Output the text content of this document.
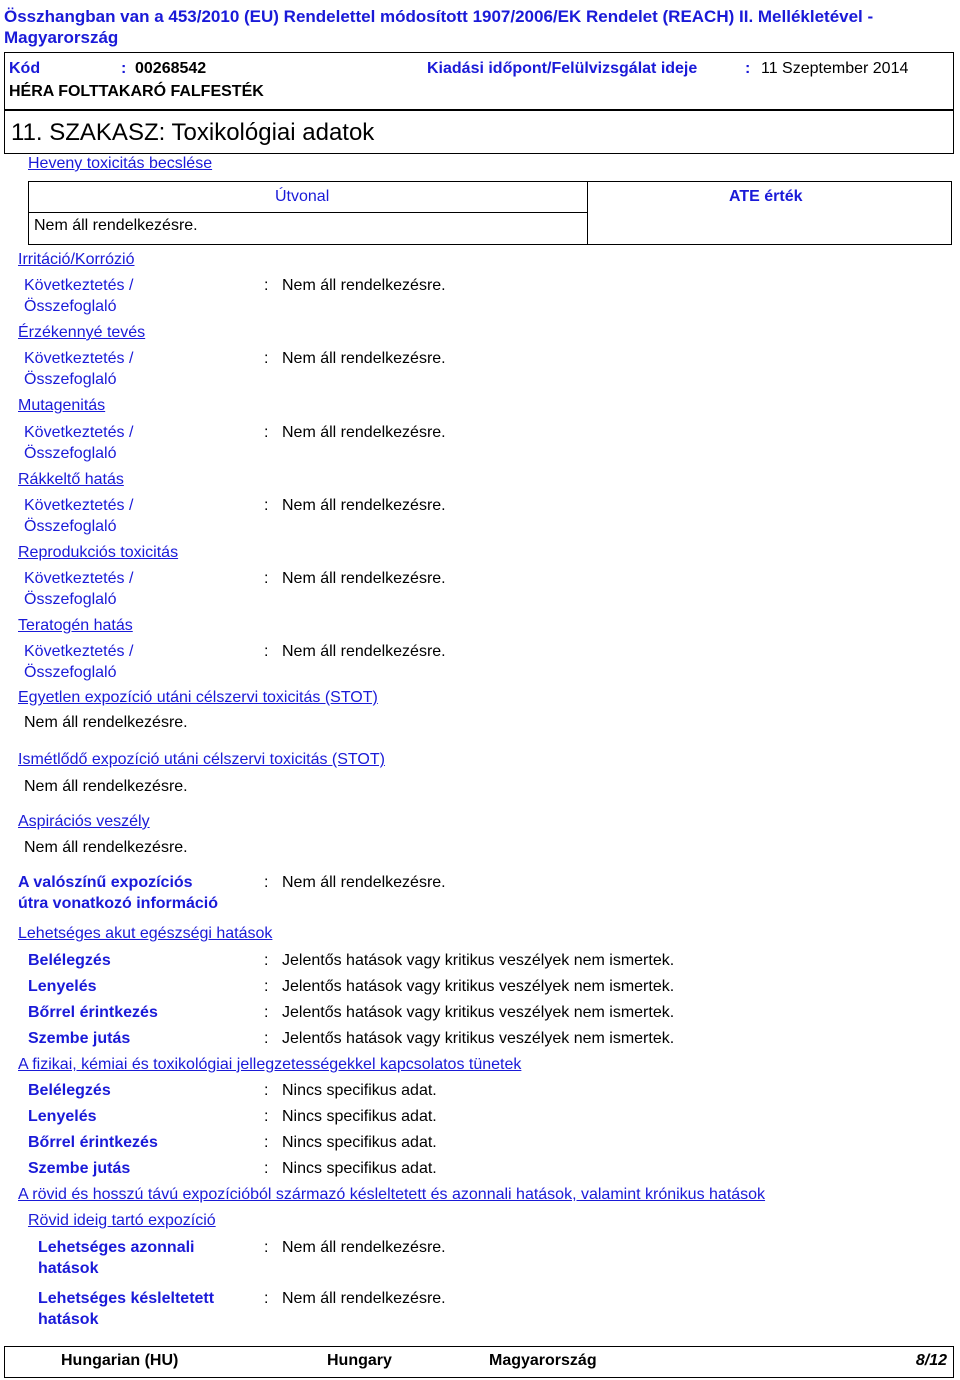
Összhangban van a 453/2010 (EU) Rendelettel módosított 1907/2006/EK Rendelet (REACH) II. Mellékletével - Magyarország
Kód	: 00268542	Kiadási időpont/Felülvizsgálat ideje	: 11 Szeptember 2014
HÉRA FOLTTAKARÓ FALFESTÉK
11. SZAKASZ: Toxikológiai adatok
Heveny toxicitás becslése
Útvonal	ATE érték
Nem áll rendelkezésre.
Irritáció/Korrózió
Következtetés /
Összefoglaló
: Nem áll rendelkezésre.
Érzékennyé tevés
Következtetés /
Összefoglaló
: Nem áll rendelkezésre.
Mutagenitás
Következtetés /
Összefoglaló
: Nem áll rendelkezésre.
Rákkeltő hatás
Következtetés /
Összefoglaló
: Nem áll rendelkezésre.
Reprodukciós toxicitás
Következtetés /
Összefoglaló
: Nem áll rendelkezésre.
Teratogén hatás
Következtetés /
Összefoglaló
: Nem áll rendelkezésre.
Egyetlen expozíció utáni célszervi toxicitás (STOT)
Nem áll rendelkezésre.
Ismétlődő expozíció utáni célszervi toxicitás (STOT)
Nem áll rendelkezésre.
Aspirációs veszély
Nem áll rendelkezésre.
A valószínű expozíciós
útra vonatkozó információ
: Nem áll rendelkezésre.
Lehetséges akut egészségi hatások
Belélegzés	: Jelentős hatások vagy kritikus veszélyek nem ismertek.
Lenyelés	: Jelentős hatások vagy kritikus veszélyek nem ismertek.
Bőrrel érintkezés	: Jelentős hatások vagy kritikus veszélyek nem ismertek.
Szembe jutás	: Jelentős hatások vagy kritikus veszélyek nem ismertek.
A fizikai, kémiai és toxikológiai jellegzetességekkel kapcsolatos tünetek
Belélegzés	: Nincs specifikus adat.
Lenyelés	: Nincs specifikus adat.
Bőrrel érintkezés	: Nincs specifikus adat.
Szembe jutás	: Nincs specifikus adat.
A rövid és hosszú távú expozícióból származó késleltetett és azonnali hatások, valamint krónikus hatások
Rövid ideig tartó expozíció
Lehetséges azonnali
hatások
: Nem áll rendelkezésre.
Lehetséges késleltetett
hatások
: Nem áll rendelkezésre.
Hungarian (HU)	Hungary	Magyarország	8/12
